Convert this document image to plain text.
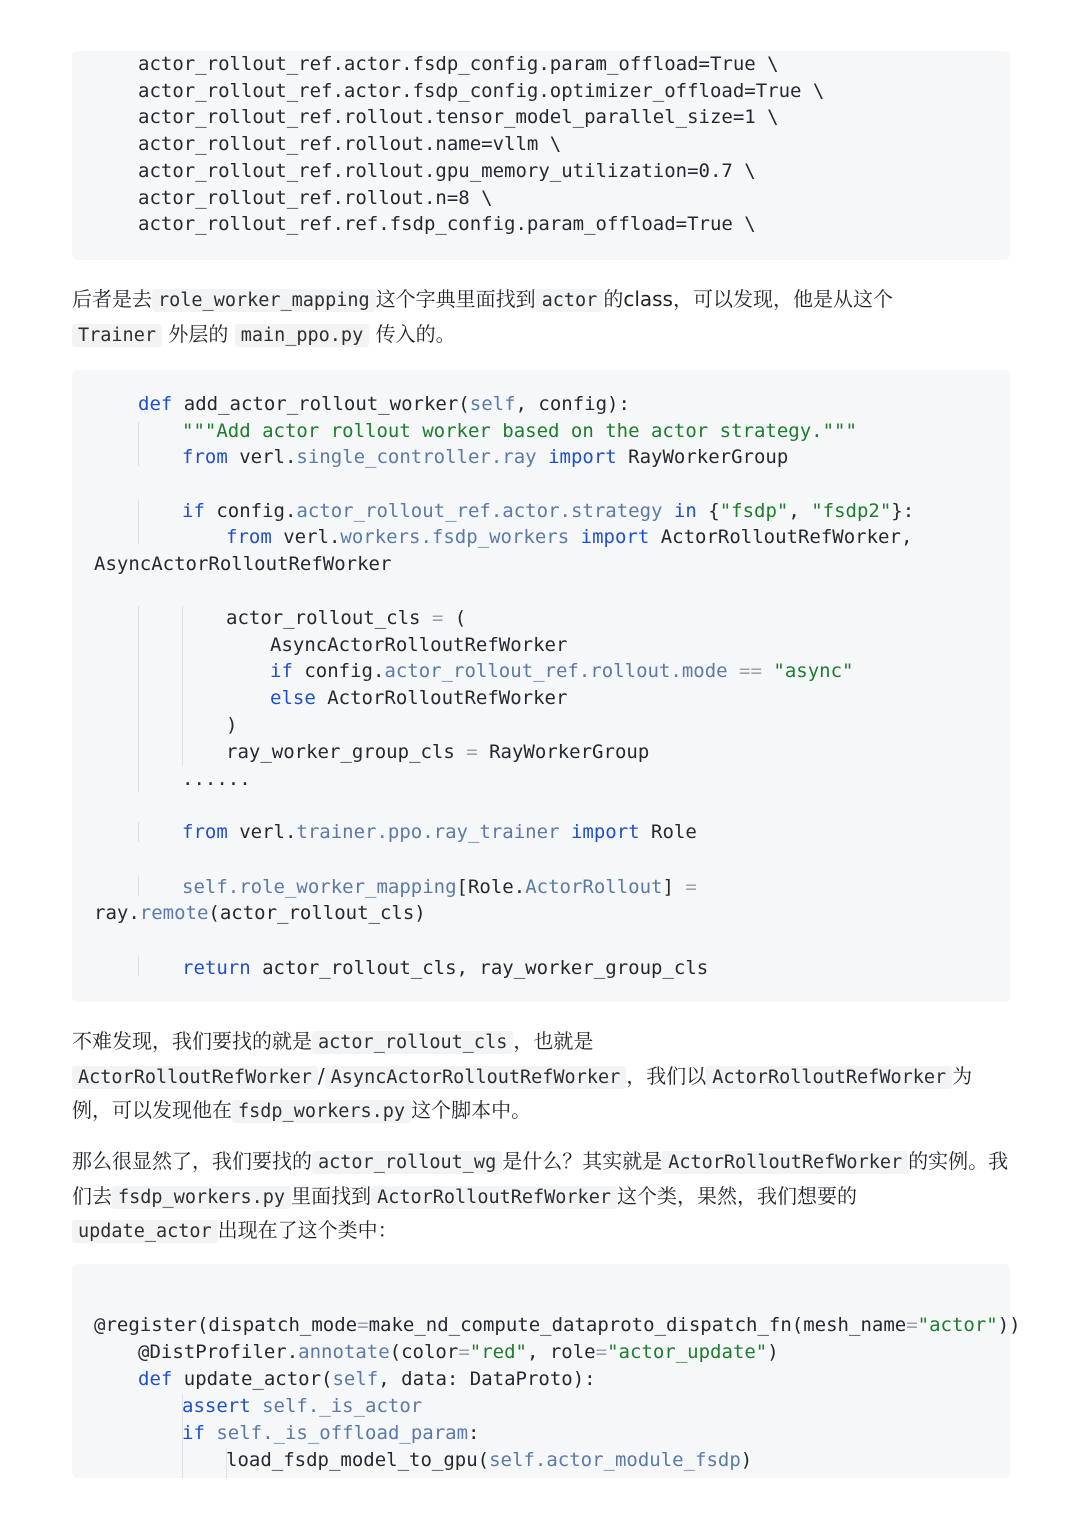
actor_rollout_ref.actor.fsdp_config.param_offload=True \
actor_rollout_ref.actor.fsdp_config.optimizer_offload=True \
actor_rollout_ref.rollout.tensor_model_parallel_size=1 \
actor_rollout_ref.rollout.name=vllm \
actor_rollout_ref.rollout.gpu_memory_utilization=0.7 \
actor_rollout_ref.rollout.n=8 \
actor_rollout_ref.ref.fsdp_config.param_offload=True \
后者是去 role_worker_mapping 这个字典里面找到 actor 的class，可以发现，他是从这个
Trainer 外层的 main_ppo.py 传入的。
def add_actor_rollout_worker(self, config):
"""Add actor rollout worker based on the actor strategy."""
from verl.single_controller.ray import RayWorkerGroup
if config.actor_rollout_ref.actor.strategy in {"fsdp", "fsdp2"}:
from verl.workers.fsdp_workers import ActorRolloutRefWorker,
AsyncActorRolloutRefWorker
actor_rollout_cls = (
AsyncActorRolloutRefWorker
if config.actor_rollout_ref.rollout.mode == "async"
else ActorRolloutRefWorker
)
ray_worker_group_cls = RayWorkerGroup
......
from verl.trainer.ppo.ray_trainer import Role
self.role_worker_mapping[Role.ActorRollout] =
ray.remote(actor_rollout_cls)
return actor_rollout_cls, ray_worker_group_cls
不难发现，我们要找的就是 actor_rollout_cls ，也就是
ActorRolloutRefWorker / AsyncActorRolloutRefWorker ，我们以 ActorRolloutRefWorker 为例，可以发现他在 fsdp_workers.py 这个脚本中。
那么很显然了，我们要找的 actor_rollout_wg 是什么？其实就是 ActorRolloutRefWorker 的实例。我们去 fsdp_workers.py 里面找到 ActorRolloutRefWorker 这个类，果然，我们想要的
update_actor 出现在了这个类中：
@register(dispatch_mode=make_nd_compute_dataproto_dispatch_fn(mesh_name="actor"))
@DistProfiler.annotate(color="red", role="actor_update")
def update_actor(self, data: DataProto):
assert self._is_actor
if self._is_offload_param:
load_fsdp_model_to_gpu(self.actor_module_fsdp)
